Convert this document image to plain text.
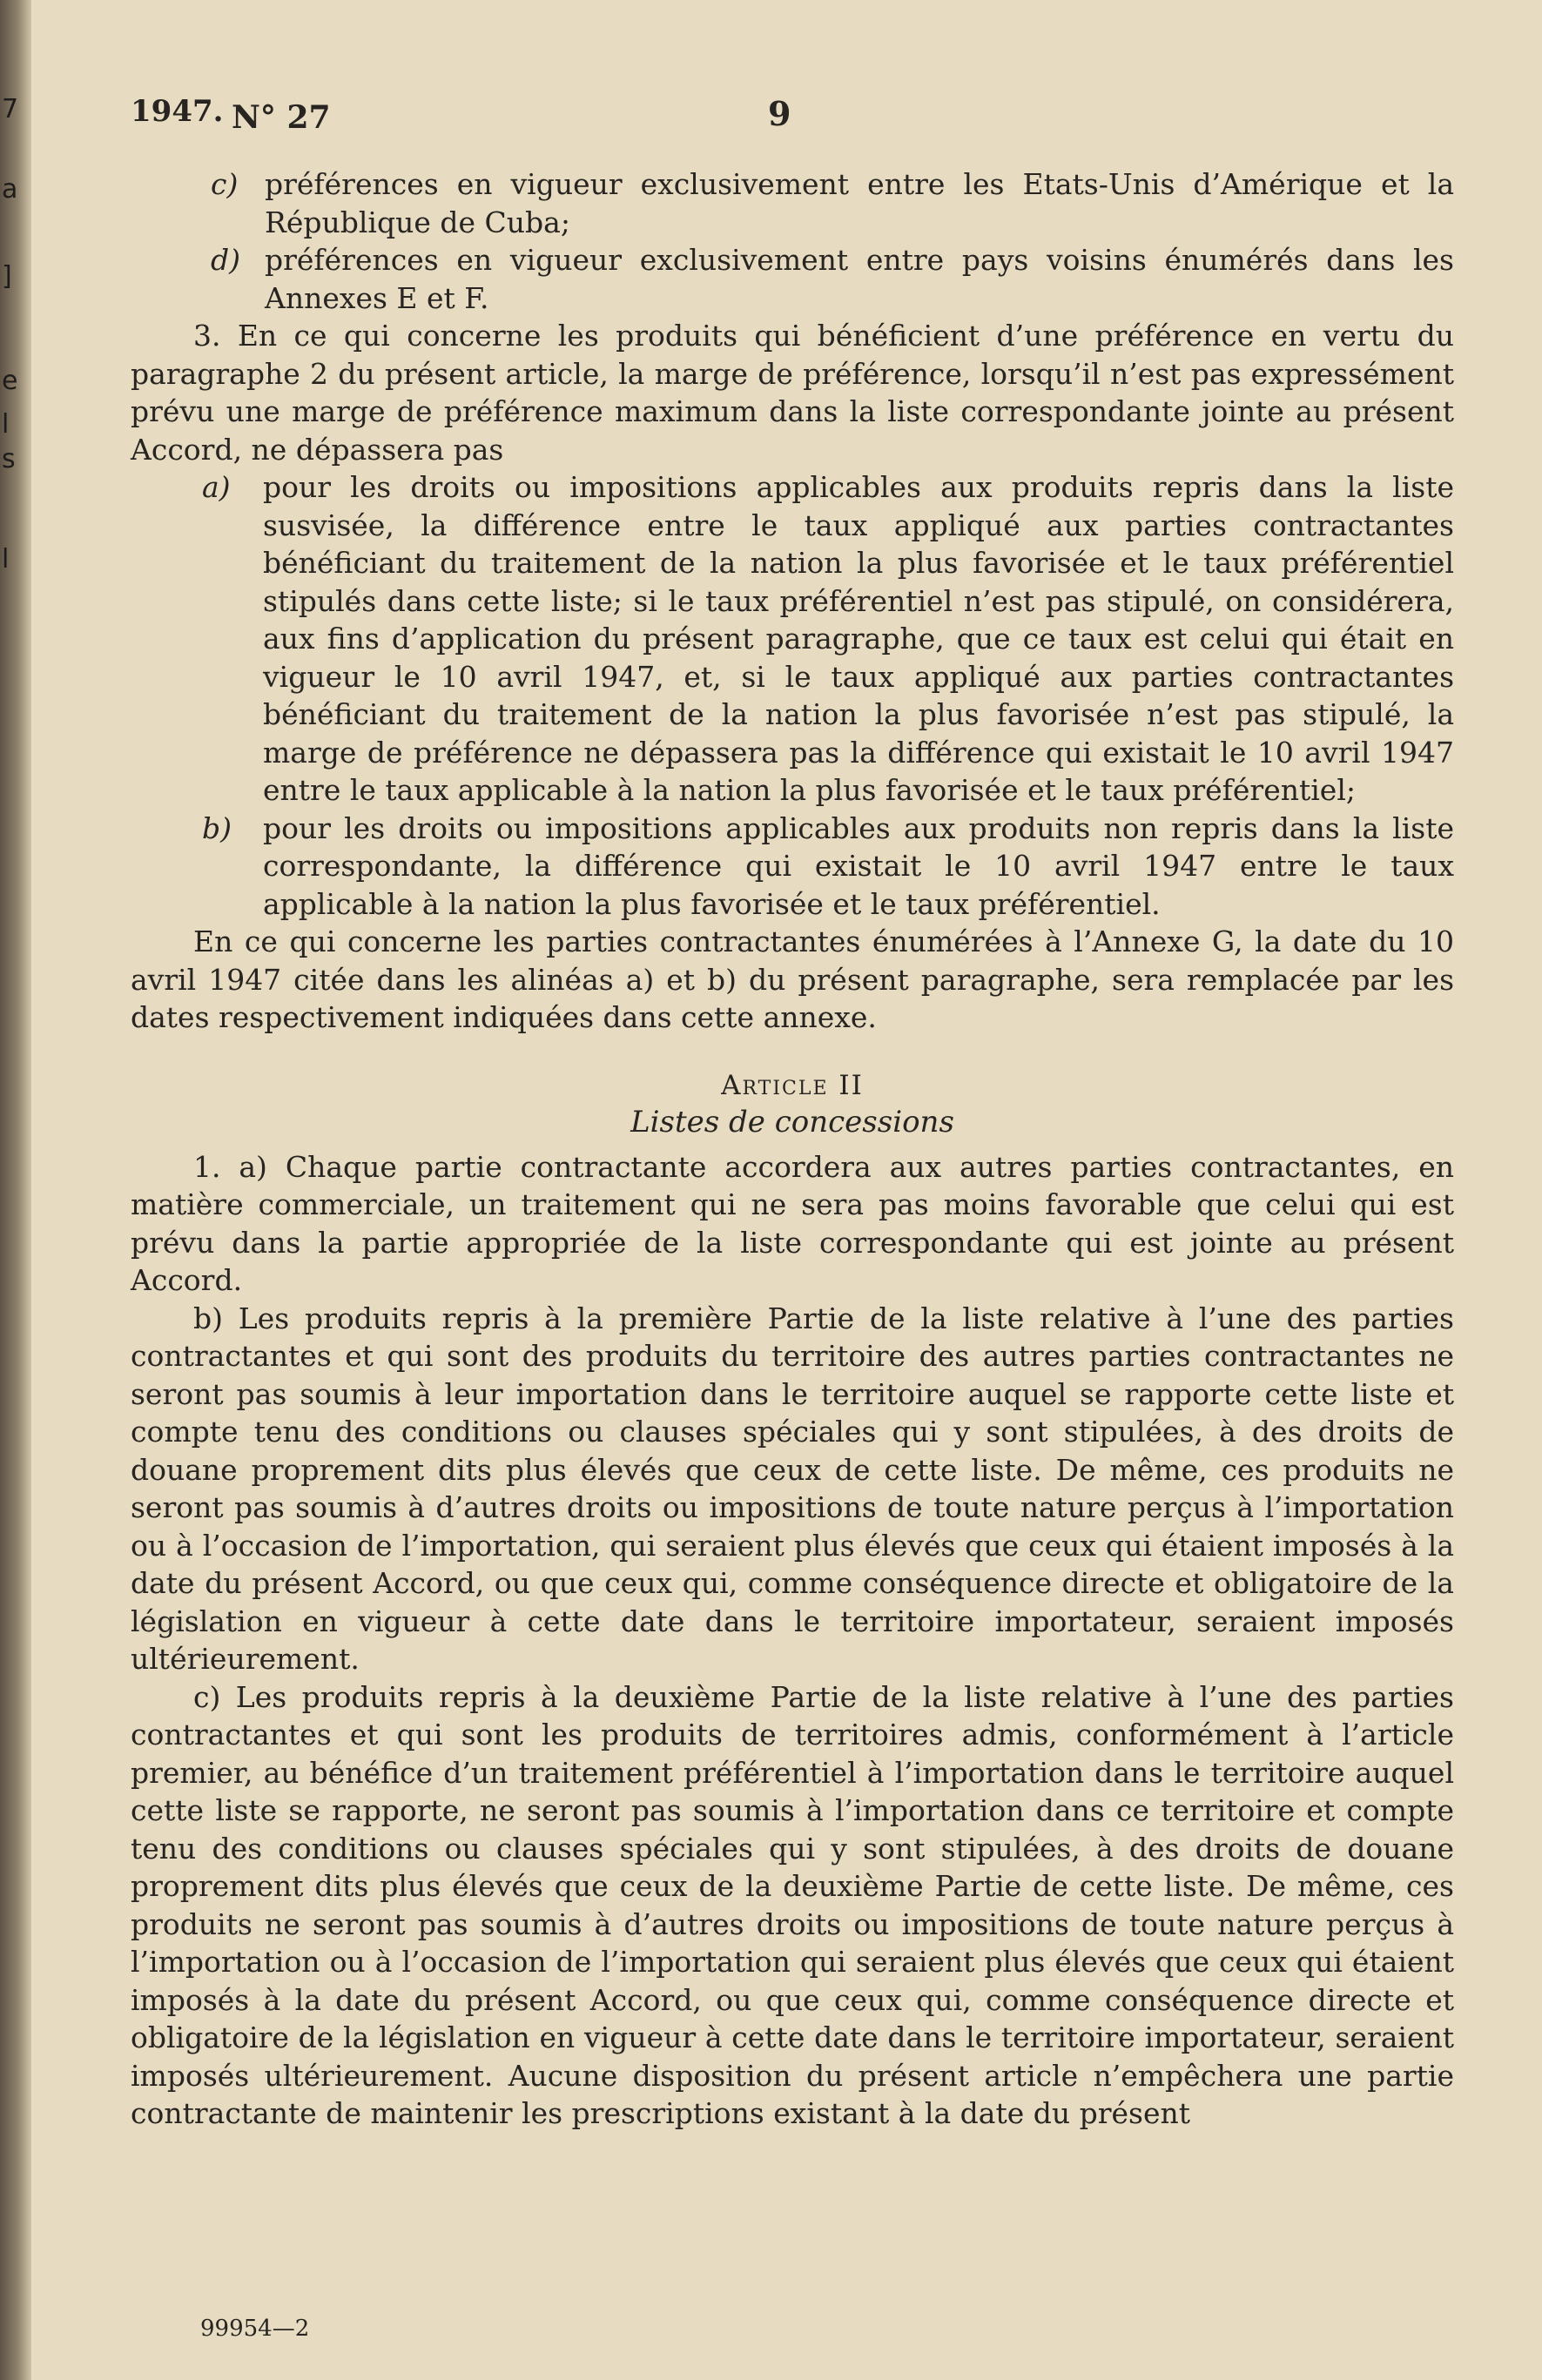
7
a
]
e
l
s
l
1947. N° 27	9
c) préférences en vigueur exclusivement entre les Etats-Unis d’Amérique et la République de Cuba;
d) préférences en vigueur exclusivement entre pays voisins énumérés dans les Annexes E et F.
3. En ce qui concerne les produits qui bénéficient d’une préférence en vertu du paragraphe 2 du présent article, la marge de préférence, lorsqu’il n’est pas expressément prévu une marge de préférence maximum dans la liste correspondante jointe au présent Accord, ne dépassera pas
a) pour les droits ou impositions applicables aux produits repris dans la liste susvisée, la différence entre le taux appliqué aux parties contractantes bénéficiant du traitement de la nation la plus favorisée et le taux préférentiel stipulés dans cette liste; si le taux préférentiel n’est pas stipulé, on considérera, aux fins d’application du présent paragraphe, que ce taux est celui qui était en vigueur le 10 avril 1947, et, si le taux appliqué aux parties contractantes bénéficiant du traitement de la nation la plus favorisée n’est pas stipulé, la marge de préférence ne dépassera pas la différence qui existait le 10 avril 1947 entre le taux applicable à la nation la plus favorisée et le taux préférentiel;
b) pour les droits ou impositions applicables aux produits non repris dans la liste correspondante, la différence qui existait le 10 avril 1947 entre le taux applicable à la nation la plus favorisée et le taux préférentiel.
En ce qui concerne les parties contractantes énumérées à l’Annexe G, la date du 10 avril 1947 citée dans les alinéas a) et b) du présent paragraphe, sera remplacée par les dates respectivement indiquées dans cette annexe.
Article II
Listes de concessions
1. a) Chaque partie contractante accordera aux autres parties contractantes, en matière commerciale, un traitement qui ne sera pas moins favorable que celui qui est prévu dans la partie appropriée de la liste correspondante qui est jointe au présent Accord.
b) Les produits repris à la première Partie de la liste relative à l’une des parties contractantes et qui sont des produits du territoire des autres parties contractantes ne seront pas soumis à leur importation dans le territoire auquel se rapporte cette liste et compte tenu des conditions ou clauses spéciales qui y sont stipulées, à des droits de douane proprement dits plus élevés que ceux de cette liste. De même, ces produits ne seront pas soumis à d’autres droits ou impositions de toute nature perçus à l’importation ou à l’occasion de l’importation, qui seraient plus élevés que ceux qui étaient imposés à la date du présent Accord, ou que ceux qui, comme conséquence directe et obligatoire de la législation en vigueur à cette date dans le territoire importateur, seraient imposés ultérieurement.
c) Les produits repris à la deuxième Partie de la liste relative à l’une des parties contractantes et qui sont les produits de territoires admis, conformément à l’article premier, au bénéfice d’un traitement préférentiel à l’importation dans le territoire auquel cette liste se rapporte, ne seront pas soumis à l’importation dans ce territoire et compte tenu des conditions ou clauses spéciales qui y sont stipulées, à des droits de douane proprement dits plus élevés que ceux de la deuxième Partie de cette liste. De même, ces produits ne seront pas soumis à d’autres droits ou impositions de toute nature perçus à l’importation ou à l’occasion de l’importation qui seraient plus élevés que ceux qui étaient imposés à la date du présent Accord, ou que ceux qui, comme conséquence directe et obligatoire de la législation en vigueur à cette date dans le territoire importateur, seraient imposés ultérieurement. Aucune disposition du présent article n’empêchera une partie contractante de maintenir les prescriptions existant à la date du présent
99954—2
